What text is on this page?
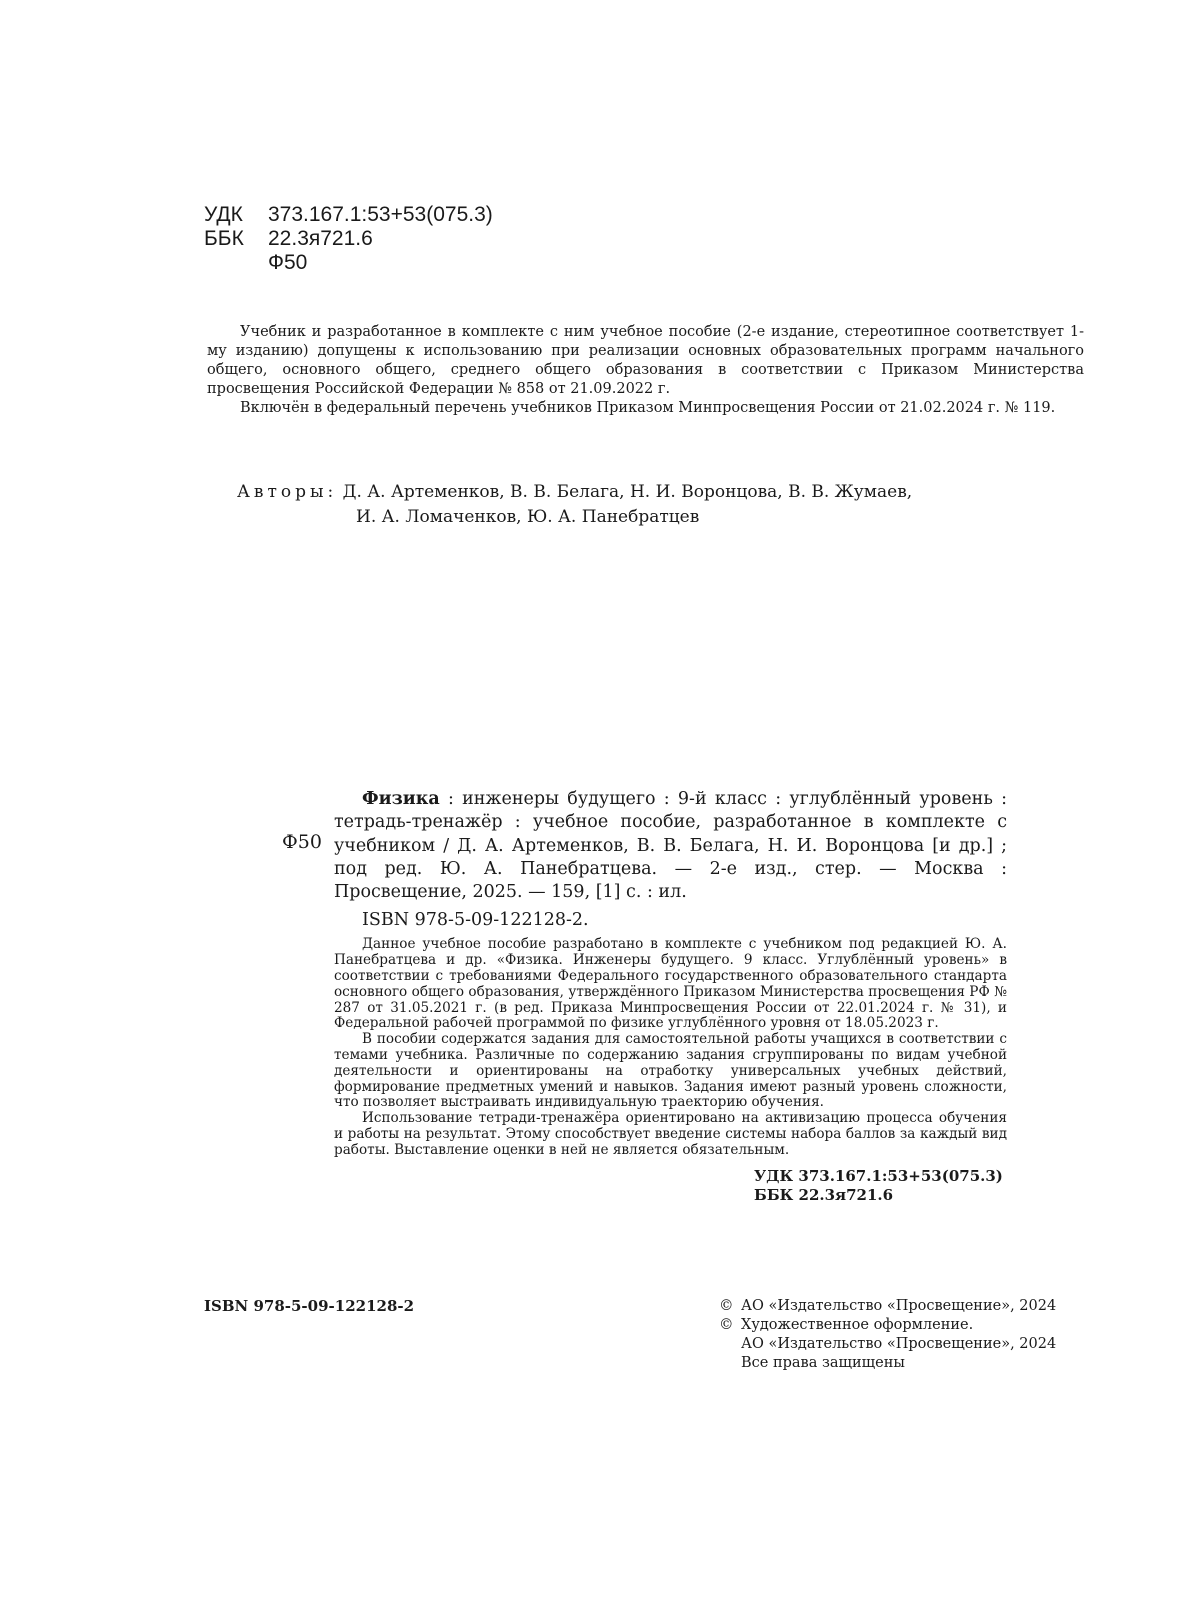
УДК 373.167.1:53+53(075.3)
ББК 22.3я721.6
Ф50

Учебник и разработанное в комплекте с ним учебное пособие (2-е издание, стереотипное соответствует 1-му изданию) допущены к использованию при реализации основных образовательных программ начального общего, основного общего, среднего общего образования в соответствии с Приказом Министерства просвещения Российской Федерации № 858 от 21.09.2022 г.

Включён в федеральный перечень учебников Приказом Минпросвещения России от 21.02.2024 г. № 119.

Авторы: Д. А. Артеменков, В. В. Белага, Н. И. Воронцова, В. В. Жумаев,
И. А. Ломаченков, Ю. А. Панебратцев
Ф50

Физика : инженеры будущего : 9-й класс : углублённый уровень : тетрадь-тренажёр : учебное пособие, разработанное в комплекте с учебником / Д. А. Артеменков, В. В. Белага, Н. И. Воронцова [и др.] ; под ред. Ю. А. Панебратцева. — 2-е изд., стер. — Москва : Просвещение, 2025. — 159, [1] с. : ил.

ISBN 978-5-09-122128-2.

Данное учебное пособие разработано в комплекте с учебником под редакцией Ю. А. Панебратцева и др. «Физика. Инженеры будущего. 9 класс. Углублённый уровень» в соответствии с требованиями Федерального государственного образовательного стандарта основного общего образования, утверждённого Приказом Министерства просвещения РФ № 287 от 31.05.2021 г. (в ред. Приказа Минпросвещения России от 22.01.2024 г. № 31), и Федеральной рабочей программой по физике углублённого уровня от 18.05.2023 г.

В пособии содержатся задания для самостоятельной работы учащихся в соответствии с темами учебника. Различные по содержанию задания сгруппированы по видам учебной деятельности и ориентированы на отработку универсальных учебных действий, формирование предметных умений и навыков. Задания имеют разный уровень сложности, что позволяет выстраивать индивидуальную траекторию обучения.

Использование тетради-тренажёра ориентировано на активизацию процесса обучения и работы на результат. Этому способствует введение системы набора баллов за каждый вид работы. Выставление оценки в ней не является обязательным.

УДК 373.167.1:53+53(075.3)
ББК 22.3я721.6
ISBN 978-5-09-122128-2	© АО «Издательство «Просвещение», 2024
© Художественное оформление.
АО «Издательство «Просвещение», 2024
Все права защищены
